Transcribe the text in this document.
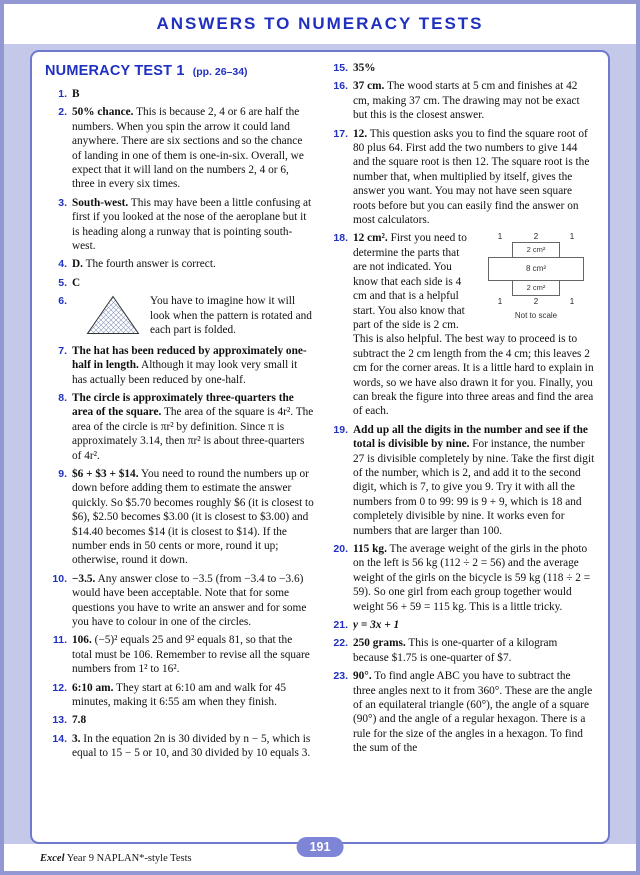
ANSWERS TO NUMERACY TESTS
NUMERACY TEST 1 (pp. 26–34)
1. B
2. 50% chance. This is because 2, 4 or 6 are half the numbers. When you spin the arrow it could land anywhere. There are six sections and so the chance of landing in one of them is one-in-six. Overall, we expect that it will land on the numbers 2, 4 or 6, three in every six times.
3. South-west. This may have been a little confusing at first if you looked at the nose of the aeroplane but it is heading along a runway that is pointing south-west.
4. D. The fourth answer is correct.
5. C
6.	You have to imagine how it will look when the pattern is rotated and each part is folded.
7. The hat has been reduced by approximately one-half in length. Although it may look very small it has actually been reduced by one-half.
8. The circle is approximately three-quarters the area of the square. The area of the square is 4r². The area of the circle is πr² by definition. Since π is approximately 3.14, then πr² is about three-quarters of 4r².
9. $6 + $3 + $14. You need to round the numbers up or down before adding them to estimate the answer quickly. So $5.70 becomes roughly $6 (it is closest to $6), $2.50 becomes $3.00 (it is closest to $3.00) and $14.40 becomes $14 (it is closest to $14). If the number ends in 50 cents or more, round it up; otherwise, round it down.
10. −3.5. Any answer close to −3.5 (from −3.4 to −3.6) would have been acceptable. Note that for some questions you have to write an answer and for some you have to colour in one of the circles.
11. 106. (−5)² equals 25 and 9² equals 81, so that the total must be 106. Remember to revise all the square numbers from 1² to 16².
12. 6:10 am. They start at 6:10 am and walk for 45 minutes, making it 6:55 am when they finish.
13. 7.8
14. 3. In the equation 2n is 30 divided by n − 5, which is equal to 15 − 5 or 10, and 30 divided by 10 equals 3.
15. 35%
16. 37 cm. The wood starts at 5 cm and finishes at 42 cm, making 37 cm. The drawing may not be exact but this is the closest answer.
17. 12. This question asks you to find the square root of 80 plus 64. First add the two numbers to give 144 and the square root is then 12. The square root is the number that, when multiplied by itself, gives the answer you want. You may not have seen square roots before but you can easily find the answer on most calculators.
18.	1	2	1
2 cm²
8 cm²
2 cm²
1	2	1
Not to scale
12 cm². First you need to determine the parts that are not indicated. You know that each side is 4 cm and that is a helpful start. You also know that part of the side is 2 cm. This is also helpful. The best way to proceed is to subtract the 2 cm length from the 4 cm; this leaves 2 cm for the corner areas. It is a little hard to explain in words, so we have also drawn it for you. Finally, you can break the figure into three areas and find the area of each.
19. Add up all the digits in the number and see if the total is divisible by nine. For instance, the number 27 is divisible completely by nine. Take the first digit of the number, which is 2, and add it to the second digit, which is 7, to give you 9. Try it with all the numbers from 0 to 99: 99 is 9 + 9, which is 18 and completely divisible by nine. It works even for numbers that are larger than 100.
20. 115 kg. The average weight of the girls in the photo on the left is 56 kg (112 ÷ 2 = 56) and the average weight of the girls on the bicycle is 59 kg (118 ÷ 2 = 59). So one girl from each group together would weight 56 + 59 = 115 kg. This is a little tricky.
21. y = 3x + 1
22. 250 grams. This is one-quarter of a kilogram because $1.75 is one-quarter of $7.
23. 90°. To find angle ABC you have to subtract the three angles next to it from 360°. These are the angle of an equilateral triangle (60°), the angle of a square (90°) and the angle of a regular hexagon. There is a rule for the size of the angles in a hexagon. To find the sum of the
Excel Year 9 NAPLAN*-style Tests
191
